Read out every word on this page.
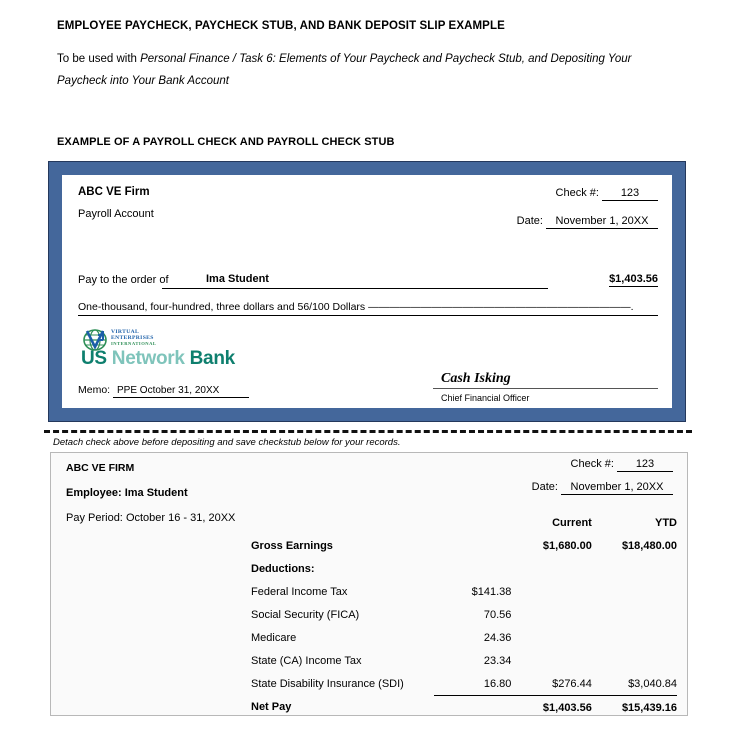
EMPLOYEE PAYCHECK, PAYCHECK STUB, AND BANK DEPOSIT SLIP EXAMPLE
To be used with Personal Finance / Task 6: Elements of Your Paycheck and Paycheck Stub, and Depositing Your Paycheck into Your Bank Account
EXAMPLE OF A PAYROLL CHECK AND PAYROLL CHECK STUB
ABC VE Firm
Payroll Account
Check #: 123
Date: November 1, 20XX
Pay to the order of	Ima Student	$1,403.56
One-thousand, four-hundred, three dollars and 56/100 Dollars —————————————————————————.
VIRTUAL
ENTERPRISES
INTERNATIONAL
US Network Bank
Memo: PPE October 31, 20XX
Cash Isking
Chief Financial Officer
Detach check above before depositing and save checkstub below for your records.
ABC VE FIRM
Employee: Ima Student
Pay Period: October 16 - 31, 20XX
Check #: 123
Date: November 1, 20XX
		Current	YTD
Gross Earnings		$1,680.00	$18,480.00
Deductions:			
Federal Income Tax	$141.38		
Social Security (FICA)	70.56		
Medicare	24.36		
State (CA) Income Tax	23.34		
State Disability Insurance (SDI)	16.80	$276.44	$3,040.84
Net Pay		$1,403.56	$15,439.16
